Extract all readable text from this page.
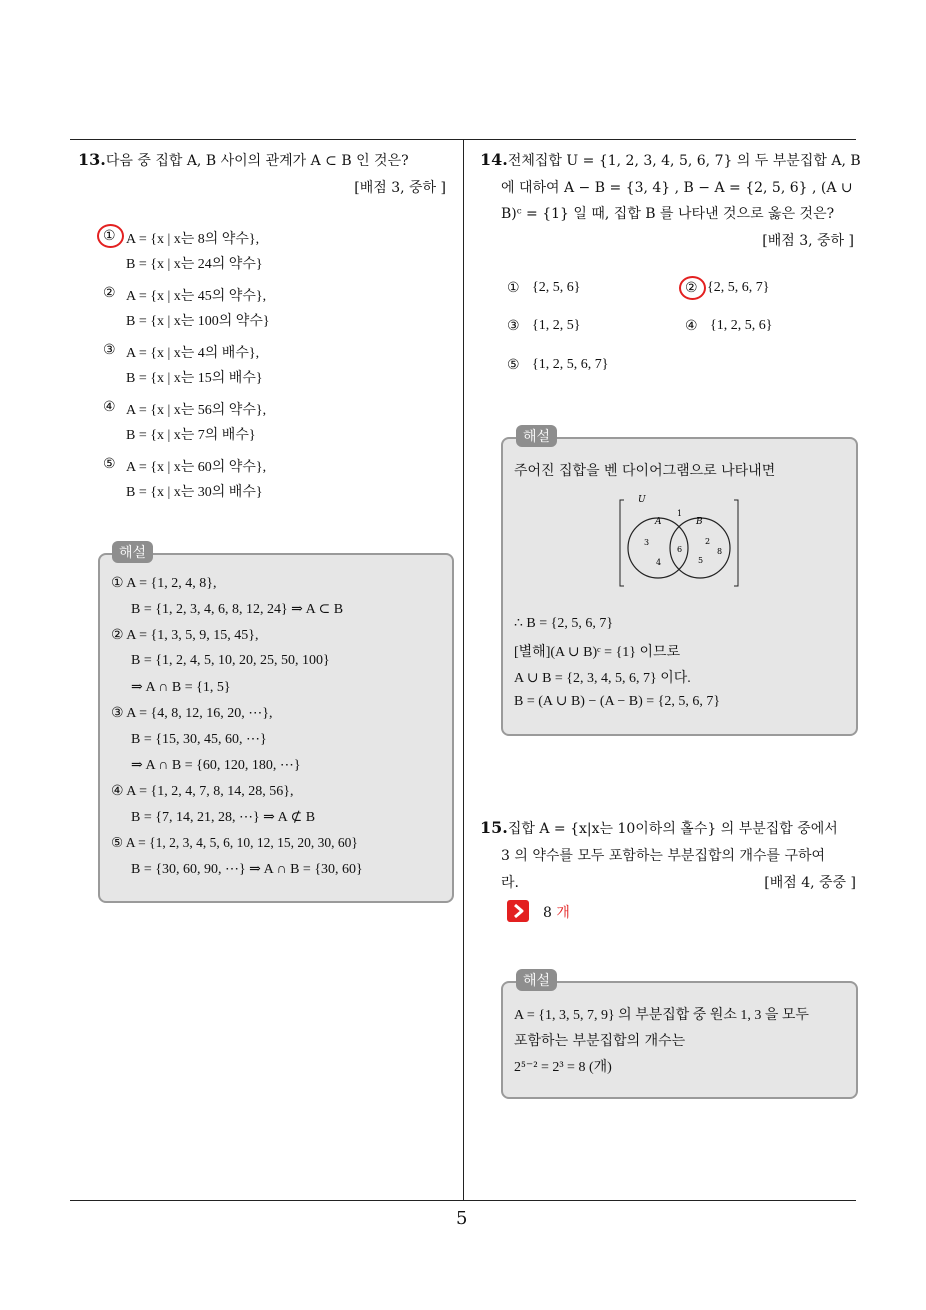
5
13.다음 중 집합 A, B 사이의 관계가 A ⊂ B 인 것은?
[배점 3, 중하 ]
① A = {x | x는 8의 약수},
B = {x | x는 24의 약수}
② A = {x | x는 45의 약수},
B = {x | x는 100의 약수}
③ A = {x | x는 4의 배수},
B = {x | x는 15의 배수}
④ A = {x | x는 56의 약수},
B = {x | x는 7의 배수}
⑤ A = {x | x는 60의 약수},
B = {x | x는 30의 배수}
해설
① A = {1, 2, 4, 8},
B = {1, 2, 3, 4, 6, 8, 12, 24} ⇒ A ⊂ B
② A = {1, 3, 5, 9, 15, 45},
B = {1, 2, 4, 5, 10, 20, 25, 50, 100}
⇒ A ∩ B = {1, 5}
③ A = {4, 8, 12, 16, 20, ⋯},
B = {15, 30, 45, 60, ⋯}
⇒ A ∩ B = {60, 120, 180, ⋯}
④ A = {1, 2, 4, 7, 8, 14, 28, 56},
B = {7, 14, 21, 28, ⋯} ⇒ A ⊄ B
⑤ A = {1, 2, 3, 4, 5, 6, 10, 12, 15, 20, 30, 60}
B = {30, 60, 90, ⋯} ⇒ A ∩ B = {30, 60}
14.전체집합 U = {1, 2, 3, 4, 5, 6, 7} 의 두 부분집합 A, B
에 대하여 A − B = {3, 4} , B − A = {2, 5, 6} , (A ∪
B)ᶜ = {1} 일 때, 집합 B 를 나타낸 것으로 옳은 것은?
[배점 3, 중하 ]
① {2, 5, 6}	② {2, 5, 6, 7}
③ {1, 2, 5}	④ {1, 2, 5, 6}
⑤ {1, 2, 5, 6, 7}
해설
주어진 집합을 벤 다이어그램으로 나타내면
U
A	B
1
3
4
6
2
5
8
∴ B = {2, 5, 6, 7}
[별해](A ∪ B)ᶜ = {1} 이므로
A ∪ B = {2, 3, 4, 5, 6, 7} 이다.
B = (A ∪ B) − (A − B) = {2, 5, 6, 7}
15.집합 A = {x|x는 10이하의 홀수} 의 부분집합 중에서
3 의 약수를 모두 포함하는 부분집합의 개수를 구하여
라.	[배점 4, 중중 ]
8 개
해설
A = {1, 3, 5, 7, 9} 의 부분집합 중 원소 1, 3 을 모두
포함하는 부분집합의 개수는
2⁵⁻² = 2³ = 8 (개)
